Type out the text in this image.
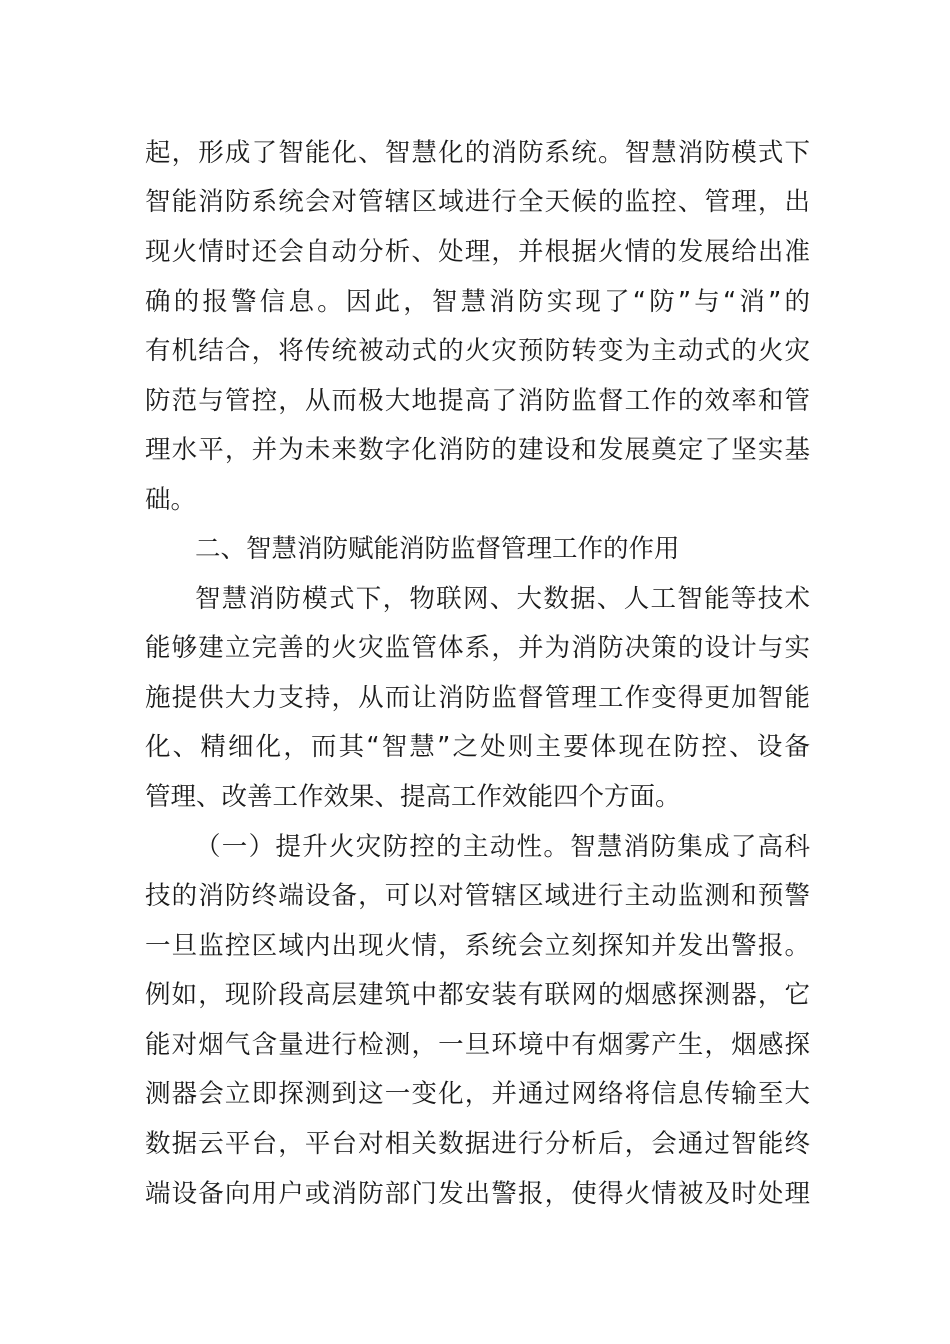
起，形成了智能化、智慧化的消防系统。智慧消防模式下
智能消防系统会对管辖区域进行全天候的监控、管理，出
现火情时还会自动分析、处理，并根据火情的发展给出准
确的报警信息。因此，智慧消防实现了“防”与“消”的
有机结合，将传统被动式的火灾预防转变为主动式的火灾
防范与管控，从而极大地提高了消防监督工作的效率和管
理水平，并为未来数字化消防的建设和发展奠定了坚实基
础。
二、智慧消防赋能消防监督管理工作的作用
智慧消防模式下，物联网、大数据、人工智能等技术
能够建立完善的火灾监管体系，并为消防决策的设计与实
施提供大力支持，从而让消防监督管理工作变得更加智能
化、精细化，而其“智慧”之处则主要体现在防控、设备
管理、改善工作效果、提高工作效能四个方面。
（一）提升火灾防控的主动性。智慧消防集成了高科
技的消防终端设备，可以对管辖区域进行主动监测和预警
一旦监控区域内出现火情，系统会立刻探知并发出警报。
例如，现阶段高层建筑中都安装有联网的烟感探测器，它
能对烟气含量进行检测，一旦环境中有烟雾产生，烟感探
测器会立即探测到这一变化，并通过网络将信息传输至大
数据云平台，平台对相关数据进行分析后，会通过智能终
端设备向用户或消防部门发出警报，使得火情被及时处理
